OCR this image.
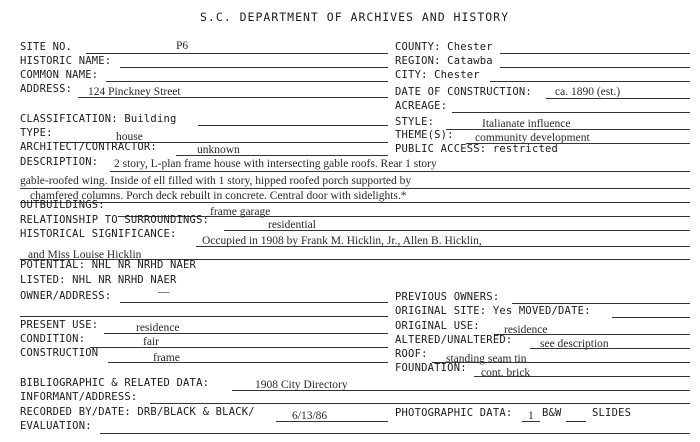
S.C. DEPARTMENT OF ARCHIVES AND HISTORY
SITE NO.	P6
HISTORIC NAME:
COMMON NAME:
ADDRESS: 124 Pinckney Street
COUNTY: Chester
REGION: Catawba
CITY: Chester
DATE OF CONSTRUCTION: ca. 1890 (est.)
ACREAGE:
CLASSIFICATION: Building
TYPE:	house
ARCHITECT/CONTRACTOR:	unknown
STYLE:	Italianate influence
THEME(S): community development
PUBLIC ACCESS: restricted
DESCRIPTION: 2 story, L-plan frame house with intersecting gable roofs. Rear 1 story
gable-roofed wing. Inside of ell filled with 1 story, hipped roofed porch supported by
chamfered columns. Porch deck rebuilt in concrete. Central door with sidelights.*
OUTBUILDINGS:
frame garage
RELATIONSHIP TO SURROUNDINGS:	residential
HISTORICAL SIGNIFICANCE:
Occupied in 1908 by Frank M. Hicklin, Jr., Allen B. Hicklin,
and Miss Louise Hicklin
POTENTIAL: NHL NR NRHD NAER
LISTED: NHL NR NRHD NAER
OWNER/ADDRESS:	—	PREVIOUS OWNERS:
ORIGINAL SITE: Yes MOVED/DATE:
PRESENT USE:	residence
CONDITION:	fair
CONSTRUCTION	frame
ORIGINAL USE: residence
ALTERED/UNALTERED: see description
ROOF: standing seam tin
FOUNDATION: cont. brick
BIBLIOGRAPHIC & RELATED DATA:	1908 City Directory
INFORMANT/ADDRESS:
RECORDED BY/DATE: DRB/BLACK & BLACK/	6/13/86	PHOTOGRAPHIC DATA: 1 B&W	SLIDES
EVALUATION:
